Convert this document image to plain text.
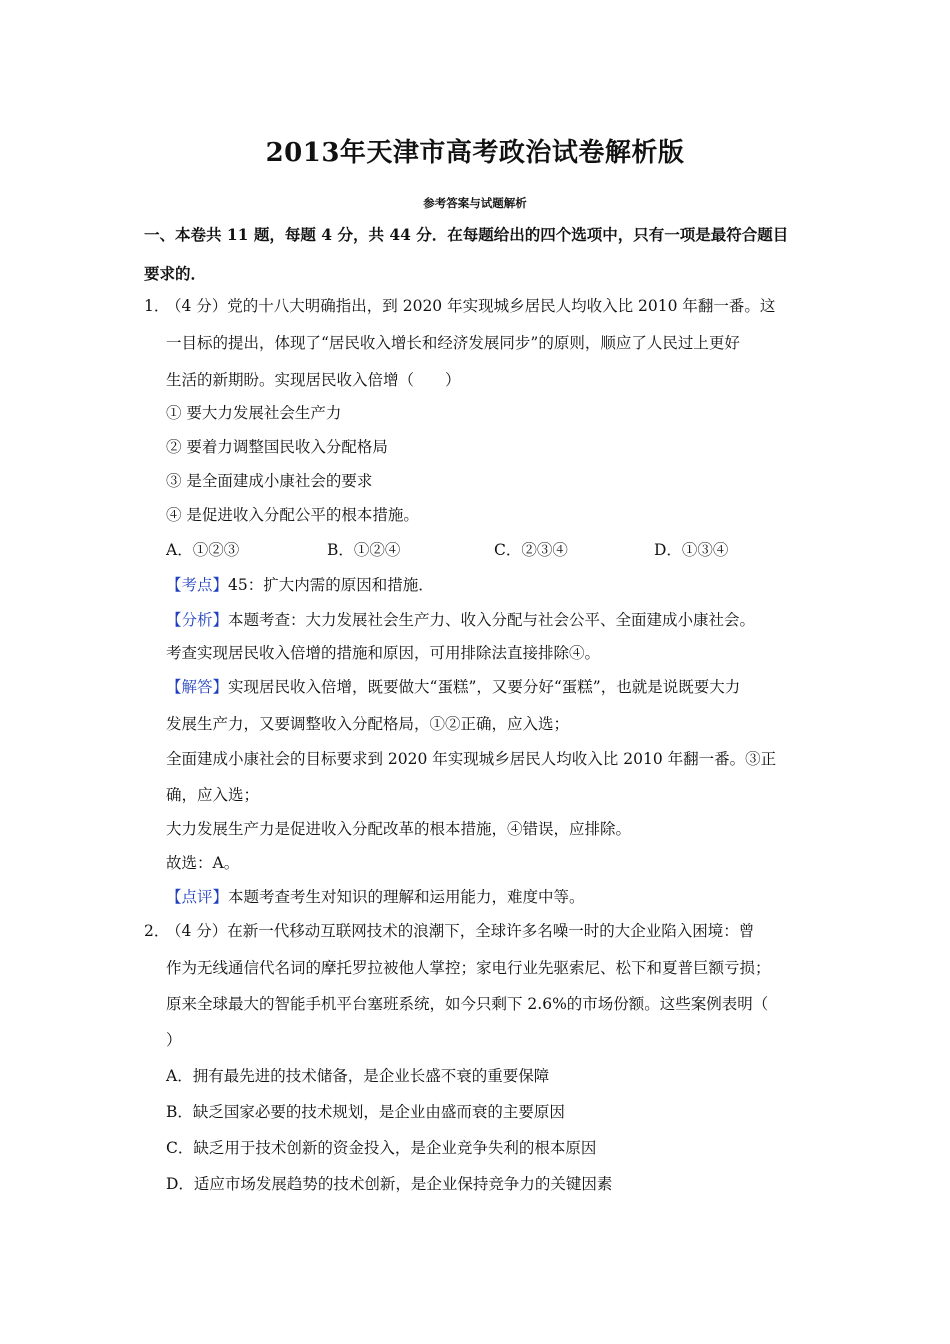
2013年天津市高考政治试卷解析版
参考答案与试题解析
一、本卷共 11 题，每题 4 分，共 44 分．在每题给出的四个选项中，只有一项是最符合题目
要求的．
1．
（4 分）党的十八大明确指出，到 2020 年实现城乡居民人均收入比 2010 年翻一番。这
一目标的提出，体现了“居民收入增长和经济发展同步”的原则，顺应了人民过上更好
生活的新期盼。实现居民收入倍增（　　）
① 要大力发展社会生产力
② 要着力调整国民收入分配格局
③ 是全面建成小康社会的要求
④ 是促进收入分配公平的根本措施。
A．①②③	B．①②④	C．②③④	D．①③④
【考点】45：扩大内需的原因和措施．
【分析】本题考查：大力发展社会生产力、收入分配与社会公平、全面建成小康社会。
考查实现居民收入倍增的措施和原因，可用排除法直接排除④。
【解答】实现居民收入倍增，既要做大“蛋糕”，又要分好“蛋糕”，也就是说既要大力
发展生产力，又要调整收入分配格局，①②正确，应入选；
全面建成小康社会的目标要求到 2020 年实现城乡居民人均收入比 2010 年翻一番。③正
确，应入选；
大力发展生产力是促进收入分配改革的根本措施，④错误，应排除。
故选：A。
【点评】本题考查考生对知识的理解和运用能力，难度中等。
2．
（4 分）在新一代移动互联网技术的浪潮下，全球许多名噪一时的大企业陷入困境：曾
作为无线通信代名词的摩托罗拉被他人掌控；家电行业先驱索尼、松下和夏普巨额亏损；
原来全球最大的智能手机平台塞班系统，如今只剩下 2.6%的市场份额。这些案例表明（
）
A．拥有最先进的技术储备，是企业长盛不衰的重要保障
B．缺乏国家必要的技术规划，是企业由盛而衰的主要原因
C．缺乏用于技术创新的资金投入，是企业竞争失利的根本原因
D．适应市场发展趋势的技术创新，是企业保持竞争力的关键因素
